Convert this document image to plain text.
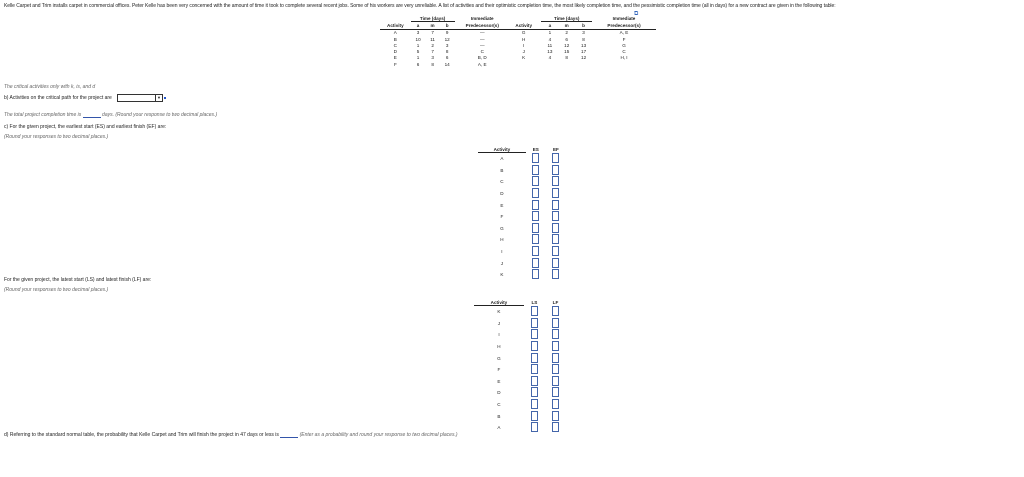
Kelle Carpet and Trim installs carpet in commercial offices. Peter Kelle has been very concerned with the amount of time it took to complete several recent jobs. Some of his workers are very unreliable. A list of activities and their optimistic completion time, the most likely completion time, and the pessimistic completion time (all in days) for a new contract are given in the following table:
⧉
	Time (days)			Immediate
Activity	a	m	b	Predecessor(s)
A	3	7	9	—
B	10	11	12	—
C	1	2	3	—
D	5	7	8	C
E	1	3	6	B, D
F	6	8	14	A, E
	Time (days)			Immediate
Activity	a	m	b	Predecessor(s)
G	1	2	3	A, E
H	4	6	8	F
I	11	12	13	G
J	13	15	17	C
K	4	8	12	H, I
The critical activities only with k, is, and d
b) Activities on the critical path for the project are	▼
The total project completion time is	days. (Round your response to two decimal places.)
c) For the given project, the earliest start (ES) and earliest finish (EF) are:
(Round your responses to two decimal places.)
Activity	ES	EF
A		
B		
C		
D		
E		
F		
G		
H		
I		
J		
K		
For the given project, the latest start (LS) and latest finish (LF) are:
(Round your responses to two decimal places.)
Activity	LS	LF
K		
J		
I		
H		
G		
F		
E		
D		
C		
B		
A		
d) Referring to the standard normal table, the probability that Kelle Carpet and Trim will finish the project in 47 days or less is	(Enter as a probability and round your response to two decimal places.)
